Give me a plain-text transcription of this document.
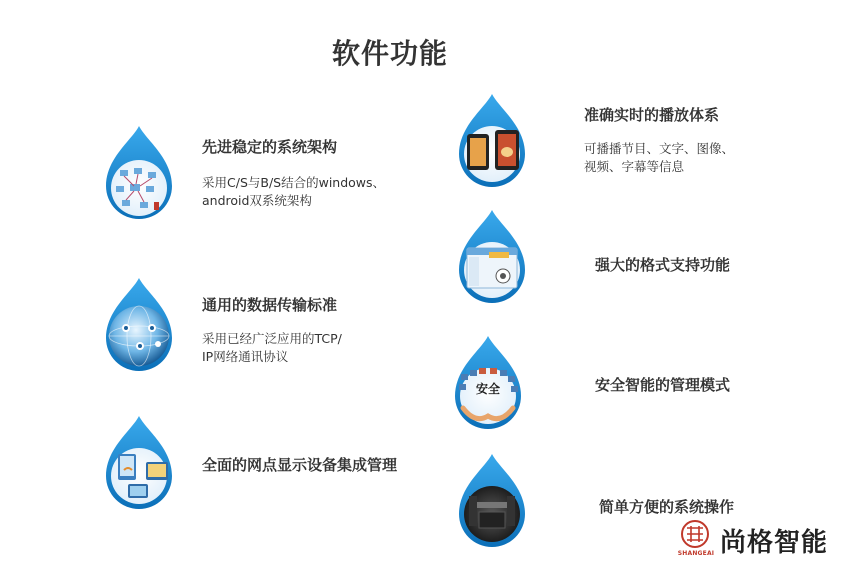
软件功能
先进稳定的系统架构
采用C/S与B/S结合的windows、
android双系统架构
通用的数据传输标准
采用已经广泛应用的TCP/
IP网络通讯协议
全面的网点显示设备集成管理
准确实时的播放体系
可播播节目、文字、图像、
视频、字幕等信息
强大的格式支持功能
安全	安全智能的管理模式
简单方便的系统操作
SHANGEAI 尚格智能
